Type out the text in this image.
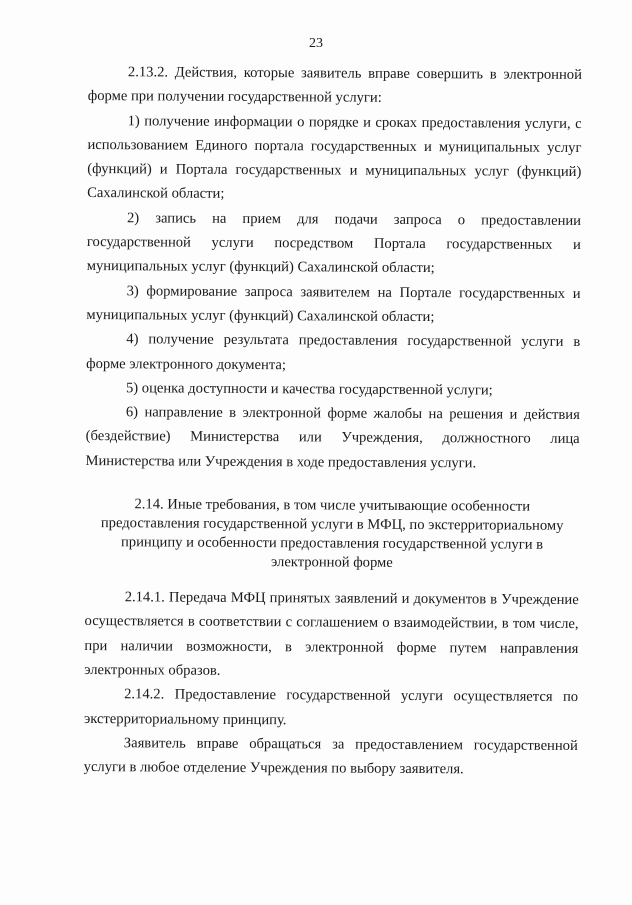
23

2.13.2. Действия, которые заявитель вправе совершить в электронной форме при получении государственной услуги:

1) получение информации о порядке и сроках предоставления услуги, с использованием Единого портала государственных и муниципальных услуг (функций) и Портала государственных и муниципальных услуг (функций) Сахалинской области;

2) запись на прием для подачи запроса о предоставлении государственной услуги посредством Портала государственных и муниципальных услуг (функций) Сахалинской области;

3) формирование запроса заявителем на Портале государственных и муниципальных услуг (функций) Сахалинской области;

4) получение результата предоставления государственной услуги в форме электронного документа;

5) оценка доступности и качества государственной услуги;

6) направление в электронной форме жалобы на решения и действия (бездействие) Министерства или Учреждения, должностного лица Министерства или Учреждения в ходе предоставления услуги.

2.14. Иные требования, в том числе учитывающие особенности предоставления государственной услуги в МФЦ, по экстерриториальному принципу и особенности предоставления государственной услуги в электронной форме

2.14.1. Передача МФЦ принятых заявлений и документов в Учреждение осуществляется в соответствии с соглашением о взаимодействии, в том числе, при наличии возможности, в электронной форме путем направления электронных образов.

2.14.2. Предоставление государственной услуги осуществляется по экстерриториальному принципу.

Заявитель вправе обращаться за предоставлением государственной услуги в любое отделение Учреждения по выбору заявителя.
